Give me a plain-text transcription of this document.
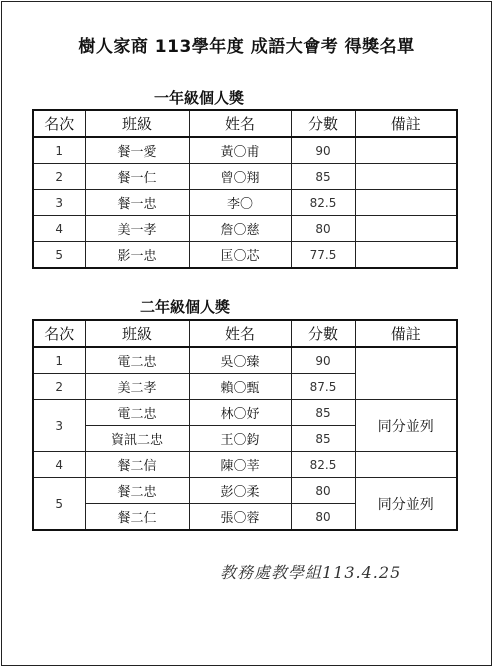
樹人家商 113學年度 成語大會考 得獎名單
一年級個人獎
名次	班級	姓名	分數	備註
1	餐一愛	黃〇甫	90	
2	餐一仁	曾〇翔	85	
3	餐一忠	李〇	82.5	
4	美一孝	詹〇慈	80	
5	影一忠	匡〇芯	77.5	
二年級個人獎
名次	班級	姓名	分數	備註
1	電二忠	吳〇臻	90	
2	美二孝	賴〇甄	87.5	
3	電二忠	林〇妤	85	同分並列
	資訊二忠	王〇鈞	85	
4	餐二信	陳〇莘	82.5	
5	餐二忠	彭〇柔	80	同分並列
	餐二仁	張〇蓉	80	
教務處教學組113.4.25
